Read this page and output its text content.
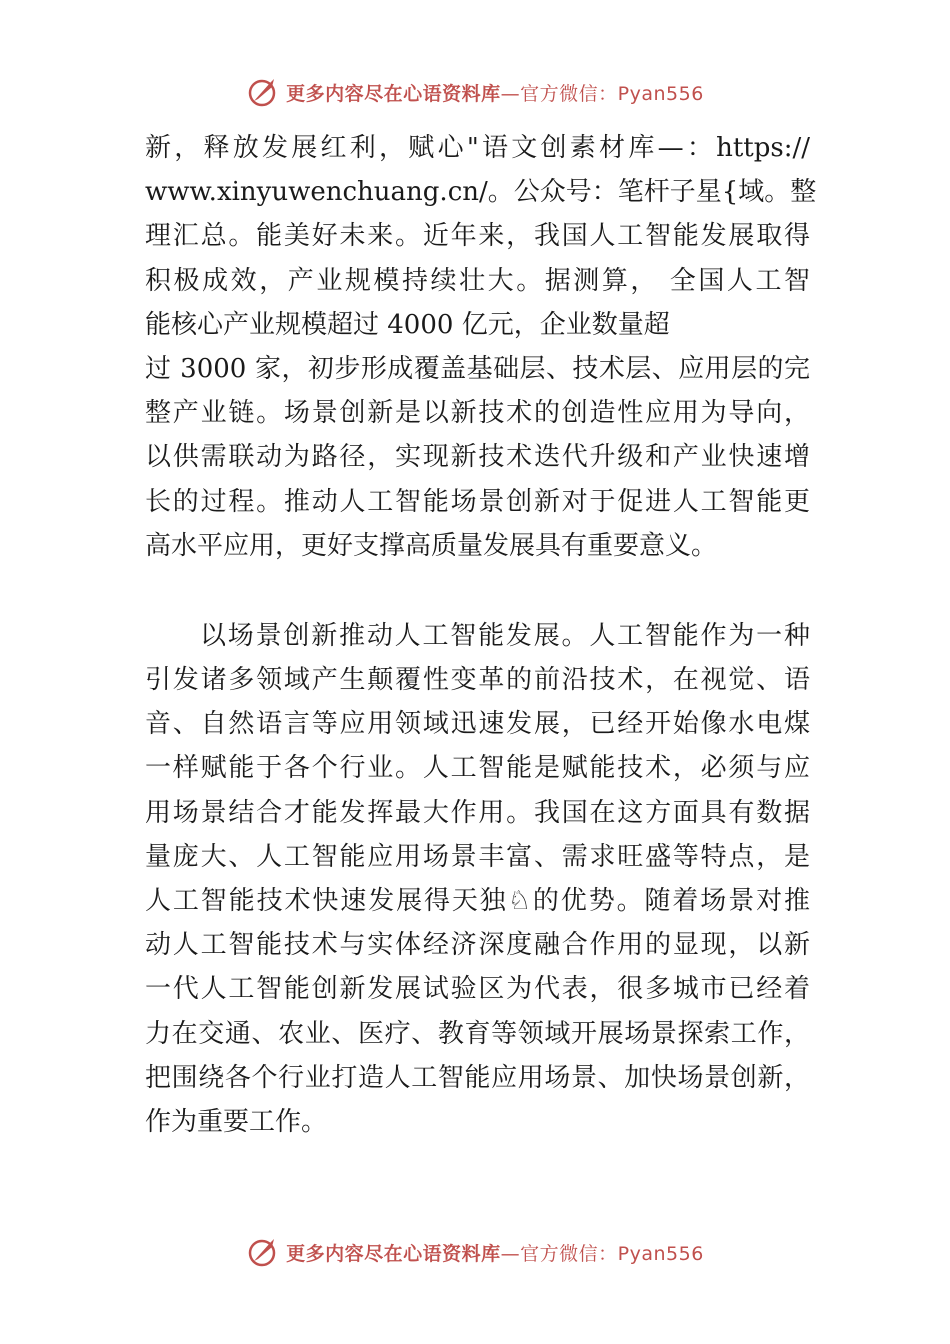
更多内容尽在心语资料库—官方微信：Pyan556
新，释放发展红利，赋心"语文创素材库—：https://
www.xinyuwenchuang.cn/。公众号：笔杆子星{域。整
理汇总。能美好未来。近年来，我国人工智能发展取得
积极成效，产业规模持续壮大。据测算， 全国人工智
能核心产业规模超过 4000 亿元，企业数量超
过 3000 家，初步形成覆盖基础层、技术层、应用层的完
整产业链。场景创新是以新技术的创造性应用为导向，
以供需联动为路径，实现新技术迭代升级和产业快速增
长的过程。推动人工智能场景创新对于促进人工智能更
高水平应用，更好支撑高质量发展具有重要意义。
以场景创新推动人工智能发展。人工智能作为一种
引发诸多领域产生颠覆性变革的前沿技术，在视觉、语
音、自然语言等应用领域迅速发展，已经开始像水电煤
一样赋能于各个行业。人工智能是赋能技术，必须与应
用场景结合才能发挥最大作用。我国在这方面具有数据
量庞大、人工智能应用场景丰富、需求旺盛等特点，是
人工智能技术快速发展得天独♘的优势。随着场景对推
动人工智能技术与实体经济深度融合作用的显现，以新
一代人工智能创新发展试验区为代表，很多城市已经着
力在交通、农业、医疗、教育等领域开展场景探索工作，
把围绕各个行业打造人工智能应用场景、加快场景创新，
作为重要工作。
更多内容尽在心语资料库—官方微信：Pyan556
